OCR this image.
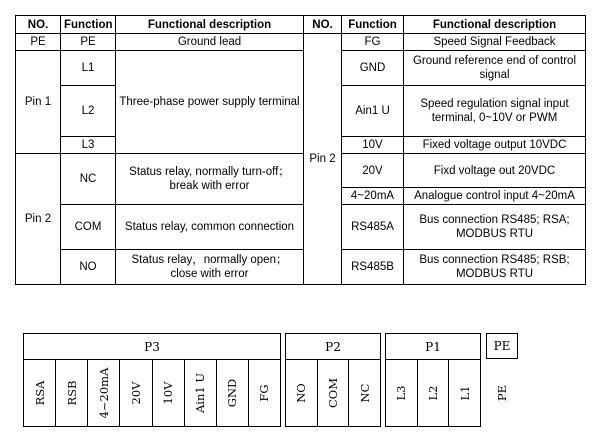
NO.	Function	Functional description	NO.	Function	Functional description
PE	PE	Ground lead	Pin 2	FG	Speed Signal Feedback
Pin 1	L1	Three-phase power supply terminal		GND	Ground reference end of control signal
	L2			Ain1 U	Speed regulation signal input terminal, 0~10V or PWM
	L3			10V	Fixed voltage output 10VDC
Pin 2	NC	Status relay, normally turn-off；break with error		20V	Fixd voltage out 20VDC
				4~20mA	Analogue control input 4~20mA
	COM	Status relay, common connection		RS485A	Bus connection RS485; RSA; MODBUS RTU
	NO	Status relay，normally open；close with error		RS485B	Bus connection RS485; RSB; MODBUS RTU
P3
RSA RSB 4~20mA 20V 10V Ain1 U GND FG
P2
NO COM NC
P1
L3 L2 L1
PE
PE
